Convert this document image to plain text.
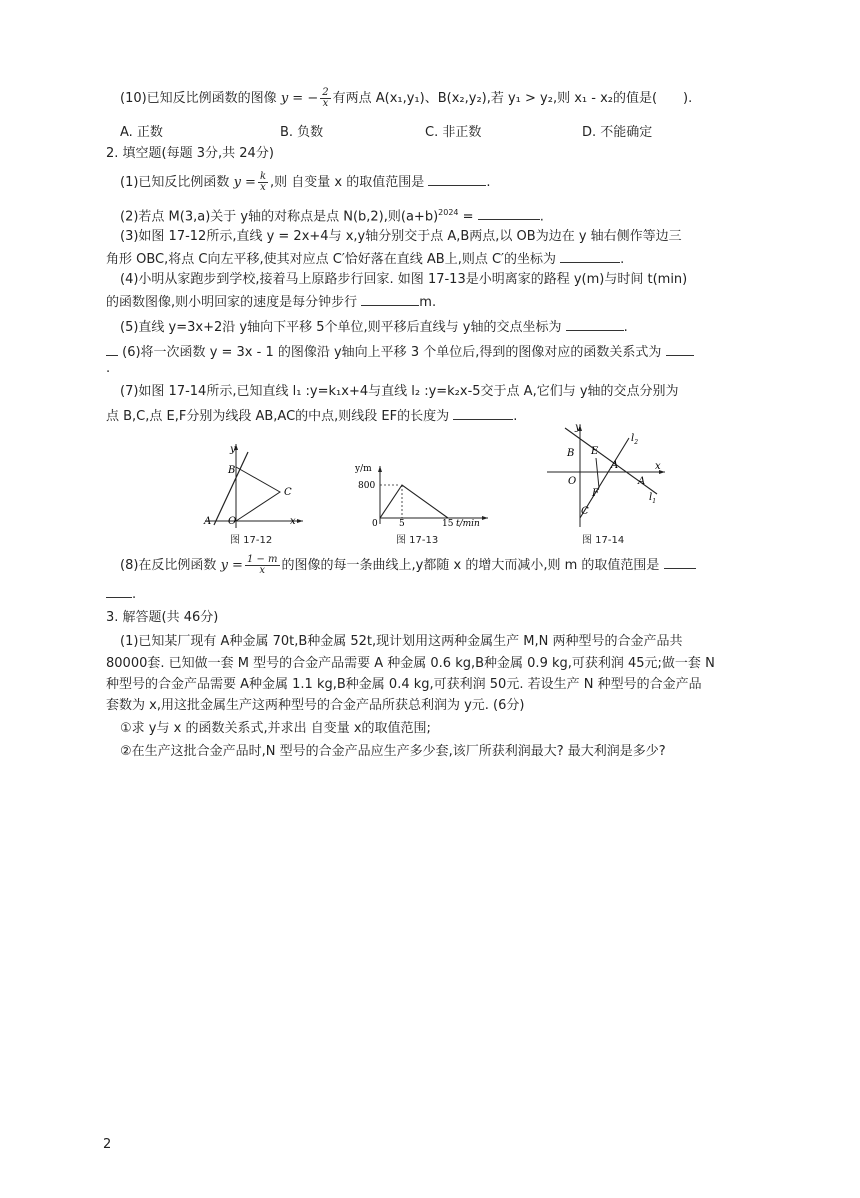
(10)已知反比例函数的图像 y = − $\frac{2}{x}$ 有两点 A(x₁,y₁)、B(x₂,y₂),若 y₁ > y₂,则 x₁ - x₂的值是(　　).
A. 正数	B. 负数	C. 非正数	D. 不能确定
2. 填空题(每题 3分,共 24分)
(1)已知反比例函数 $y = \frac{k}{x}$ ,则 自变量 x 的取值范围是	.
(2)若点 M(3,a)关于 y轴的对称点是点 N(b,2),则$(a+b)^{2024}$ =	.
(3)如图 17-12所示,直线 y = 2x+4与 x,y轴分别交于点 A,B两点,以 OB为边在 y 轴右侧作等边三
角形 OBC,将点 C向左平移,使其对应点 C′恰好落在直线 AB上,则点 C′的坐标为	.
(4)小明从家跑步到学校,接着马上原路步行回家. 如图 17-13是小明离家的路程 y(m)与时间 t(min)
的函数图像,则小明回家的速度是每分钟步行	m.
(5)直线 y=3x+2沿 y轴向下平移 5个单位,则平移后直线与 y轴的交点坐标为	.
(6)将一次函数 y = 3x - 1 的图像沿 y轴向上平移 3 个单位后,得到的图像对应的函数关系式为
.
(7)如图 17-14所示,已知直线 l₁ :y=k₁x+4与直线 l₂ :y=k₂x-5交于点 A,它们与 y轴的交点分别为
点 B,C,点 E,F分别为线段 AB,AC的中点,则线段 EF的长度为	.
y
B
C
A O	x
图 17-12
y/m
800
0 5	15 t/min
图 17-13
y
$l_2$
B E
A
A
O
F	$l_1$
C
x
图 17-14
(8)在反比例函数 $y = \frac{1 - m}{x}$ 的图像的每一条曲线上,y都随 x 的增大而减小,则 m 的取值范围是
.
3. 解答题(共 46分)
(1)已知某厂现有 A种金属 70t,B种金属 52t,现计划用这两种金属生产 M,N 两种型号的合金产品共
80000套. 已知做一套 M 型号的合金产品需要 A 种金属 0.6 kg,B种金属 0.9 kg,可获利润 45元;做一套 N
种型号的合金产品需要 A种金属 1.1 kg,B种金属 0.4 kg,可获利润 50元. 若设生产 N 种型号的合金产品
套数为 x,用这批金属生产这两种型号的合金产品所获总利润为 y元. (6分)
①求 y与 x 的函数关系式,并求出 自变量 x的取值范围;
②在生产这批合金产品时,N 型号的合金产品应生产多少套,该厂所获利润最大? 最大利润是多少?
2
